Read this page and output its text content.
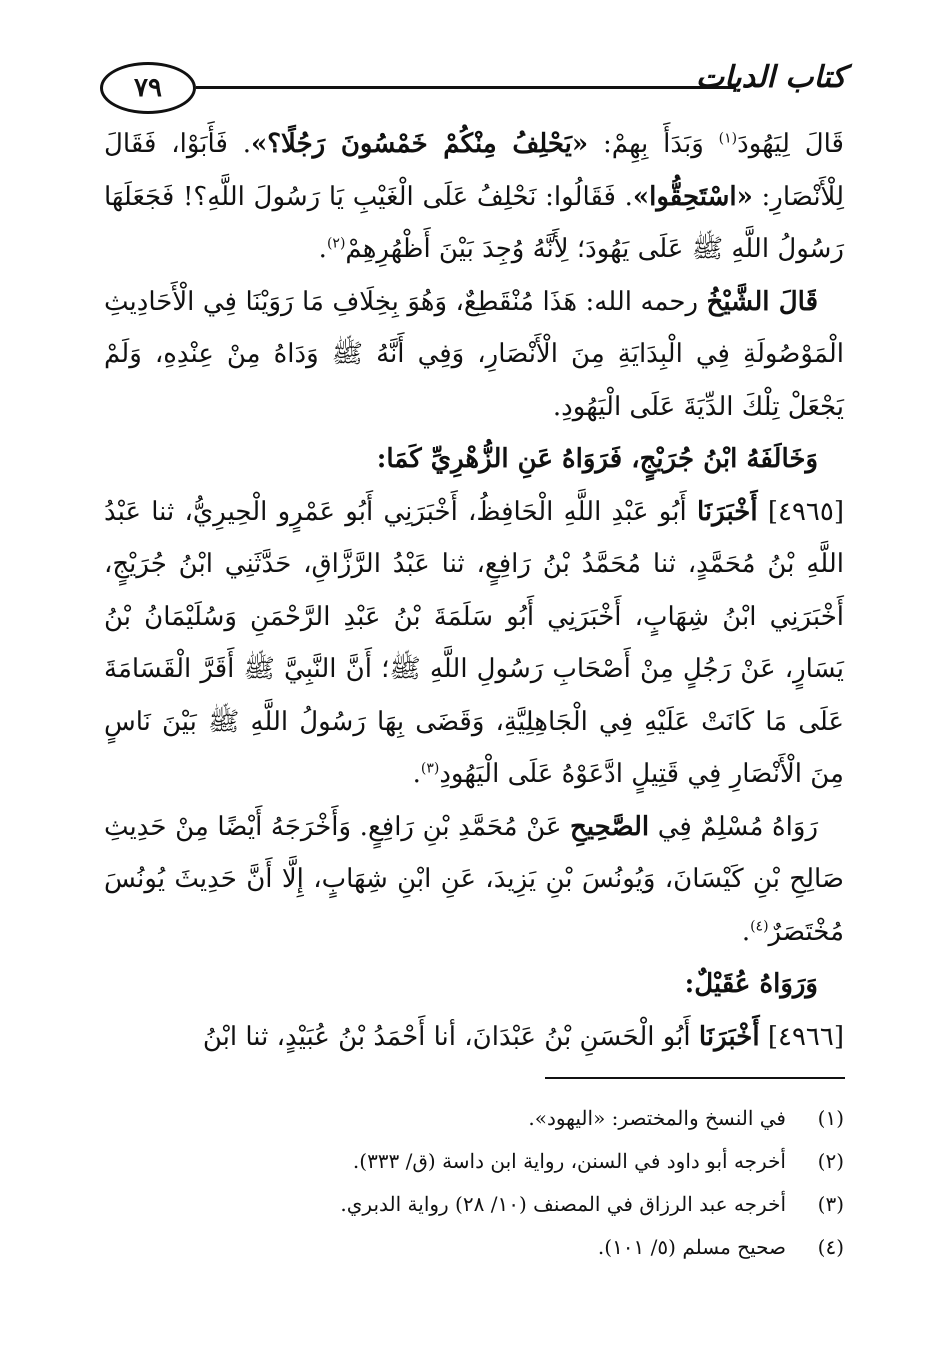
٧٩	كتاب الديات

قَالَ لِيَهُودَ$^{(١)}$ وَبَدَأَ بِهِمْ: «يَحْلِفُ مِنْكُمْ خَمْسُونَ رَجُلًا؟». فَأَبَوْا، فَقَالَ لِلْأَنْصَارِ: «اسْتَحِقُّوا». فَقَالُوا: نَحْلِفُ عَلَى الْغَيْبِ يَا رَسُولَ اللَّهِ؟! فَجَعَلَهَا رَسُولُ اللَّهِ ﷺ عَلَى يَهُودَ؛ لِأَنَّهُ وُجِدَ بَيْنَ أَظْهُرِهِمْ$^{(٢)}$.

قَالَ الشَّيْخُ رحمه الله: هَذَا مُنْقَطِعٌ، وَهُوَ بِخِلَافِ مَا رَوَيْنَا فِي الْأَحَادِيثِ الْمَوْصُولَةِ فِي الْبِدَايَةِ مِنَ الْأَنْصَارِ، وَفِي أَنَّهُ ﷺ وَدَاهُ مِنْ عِنْدِهِ، وَلَمْ يَجْعَلْ تِلْكَ الدِّيَةَ عَلَى الْيَهُودِ.

وَخَالَفَهُ ابْنُ جُرَيْجٍ، فَرَوَاهُ عَنِ الزُّهْرِيِّ كَمَا:

[٤٩٦٥] أَخْبَرَنَا أَبُو عَبْدِ اللَّهِ الْحَافِظُ، أَخْبَرَنِي أَبُو عَمْرٍو الْحِيرِيُّ، ثنا عَبْدُ اللَّهِ بْنُ مُحَمَّدٍ، ثنا مُحَمَّدُ بْنُ رَافِعٍ، ثنا عَبْدُ الرَّزَّاقِ، حَدَّثَنِي ابْنُ جُرَيْجٍ، أَخْبَرَنِي ابْنُ شِهَابٍ، أَخْبَرَنِي أَبُو سَلَمَةَ بْنُ عَبْدِ الرَّحْمَنِ وَسُلَيْمَانُ بْنُ يَسَارٍ، عَنْ رَجُلٍ مِنْ أَصْحَابِ رَسُولِ اللَّهِ ﷺ؛ أَنَّ النَّبِيَّ ﷺ أَقَرَّ الْقَسَامَةَ عَلَى مَا كَانَتْ عَلَيْهِ فِي الْجَاهِلِيَّةِ، وَقَضَى بِهَا رَسُولُ اللَّهِ ﷺ بَيْنَ نَاسٍ مِنَ الْأَنْصَارِ فِي قَتِيلٍ ادَّعَوْهُ عَلَى الْيَهُودِ$^{(٣)}$.

رَوَاهُ مُسْلِمٌ فِي الصَّحِيحِ عَنْ مُحَمَّدِ بْنِ رَافِعٍ. وَأَخْرَجَهُ أَيْضًا مِنْ حَدِيثِ صَالِحِ بْنِ كَيْسَانَ، وَيُونُسَ بْنِ يَزِيدَ، عَنِ ابْنِ شِهَابٍ، إِلَّا أَنَّ حَدِيثَ يُونُسَ مُخْتَصَرٌ$^{(٤)}$.

وَرَوَاهُ عُقَيْلٌ:

[٤٩٦٦] أَخْبَرَنَا أَبُو الْحَسَنِ بْنُ عَبْدَانَ، أنا أَحْمَدُ بْنُ عُبَيْدٍ، ثنا ابْنُ

(١)
في النسخ والمختصر: «اليهود».
(٢)
أخرجه أبو داود في السنن، رواية ابن داسة (ق/ ٣٣٣).
(٣)
أخرجه عبد الرزاق في المصنف (١٠/ ٢٨) رواية الدبري.
(٤)
صحيح مسلم (٥/ ١٠١).
